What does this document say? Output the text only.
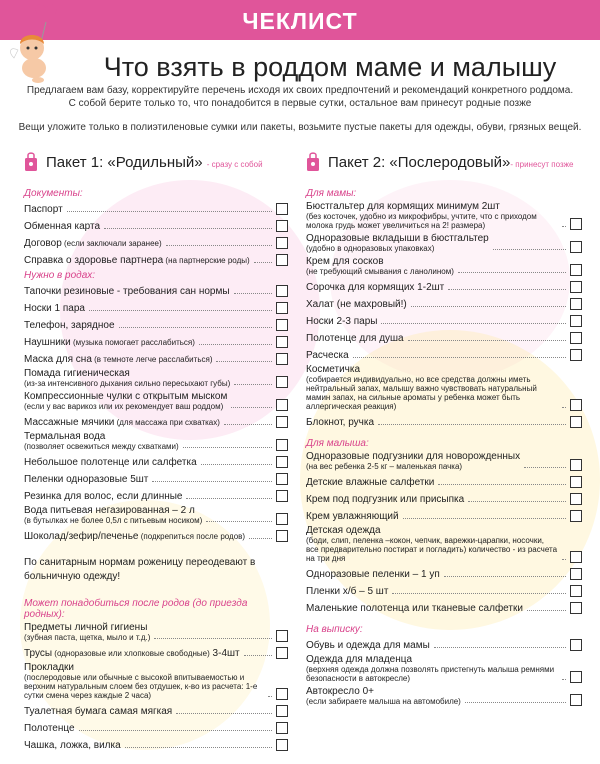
ЧЕКЛИСТ
Что взять в роддом маме и малышу
Предлагаем вам базу, корректируйте перечень исходя их своих предпочтений и рекомендаций конкретного роддома.
С собой берите только то, что понадобится в первые сутки, остальное вам принесут родные позже
Вещи уложите только в полиэтиленовые сумки или пакеты, возьмите пустые пакеты для одежды, обуви, грязных вещей.
Пакет 1: «Родильный» - сразу с собой
Документы:
Паспорт
Обменная карта
Договор (если заключали заранее)
Справка о здоровье партнера (на партнерские роды)
Нужно в родах:
Тапочки резиновые - требования сан нормы
Носки 1 пара
Телефон, зарядное
Наушники (музыка помогает расслабиться)
Маска для сна (в темноте легче расслабиться)
Помада гигиеническая
(из-за интенсивного дыхания сильно пересыхают губы)
Компрессионные чулки с открытым мыском
(если у вас варикоз или их рекомендует ваш роддом)
Массажные мячики (для массажа при схватках)
Термальная вода
(позволяет освежиться между схватками)
Небольшое полотенце или салфетка
Пеленки одноразовые 5шт
Резинка для волос, если длинные
Вода питьевая негазированная – 2 л
(в бутылках не более 0,5л с питьевым носиком)
Шоколад/зефир/печенье (подкрепиться после родов)
По санитарным нормам роженицу переодевают в больничную одежду!
Может понадобиться после родов (до приезда родных):
Предметы личной гигиены
(зубная паста, щетка, мыло и т.д.)
Трусы (одноразовые или хлопковые свободные) 3-4шт
Прокладки
(послеродовые или обычные с высокой впитываемостью и верхним натуральным слоем без отдушек, к-во из расчета: 1-е сутки смена через каждые 2 часа)
Туалетная бумага самая мягкая
Полотенце
Чашка, ложка, вилка
Пакет 2: «Послеродовый»- принесут позже
Для мамы:
Бюстгальтер для кормящих минимум 2шт
(без косточек, удобно из микрофибры, учтите, что с приходом молока грудь может увеличиться на 2! размера)
Одноразовые вкладыши в бюстгальтер
(удобно в одноразовых упаковках)
Крем для сосков
(не требующий смывания с ланолином)
Сорочка для кормящих 1-2шт
Халат (не махровый!)
Носки 2-3 пары
Полотенце для душа
Расческа
Косметичка
(собирается индивидуально, но все средства должны иметь нейтральный запах, малышу важно чувствовать натуральный мамин запах, на сильные ароматы у ребенка может быть аллергическая реакция)
Блокнот, ручка
Для малыша:
Одноразовые подгузники для новорожденных
(на вес ребенка 2-5 кг – маленькая пачка)
Детские влажные салфетки
Крем под подгузник или присыпка
Крем увлажняющий
Детская одежда
(боди, слип, пеленка –кокон, чепчик, варежки-царапки, носочки, все предварительно постират и погладить) количество - из расчета на три дня
Одноразовые пеленки – 1 уп
Пленки х/б – 5 шт
Маленькие полотенца или тканевые салфетки
На выписку:
Обувь и одежда для мамы
Одежда для младенца
(верхняя одежда должна позволять пристегнуть малыша ремнями безопасности в автокресле)
Автокресло 0+
(если забираете малыша на автомобиле)
